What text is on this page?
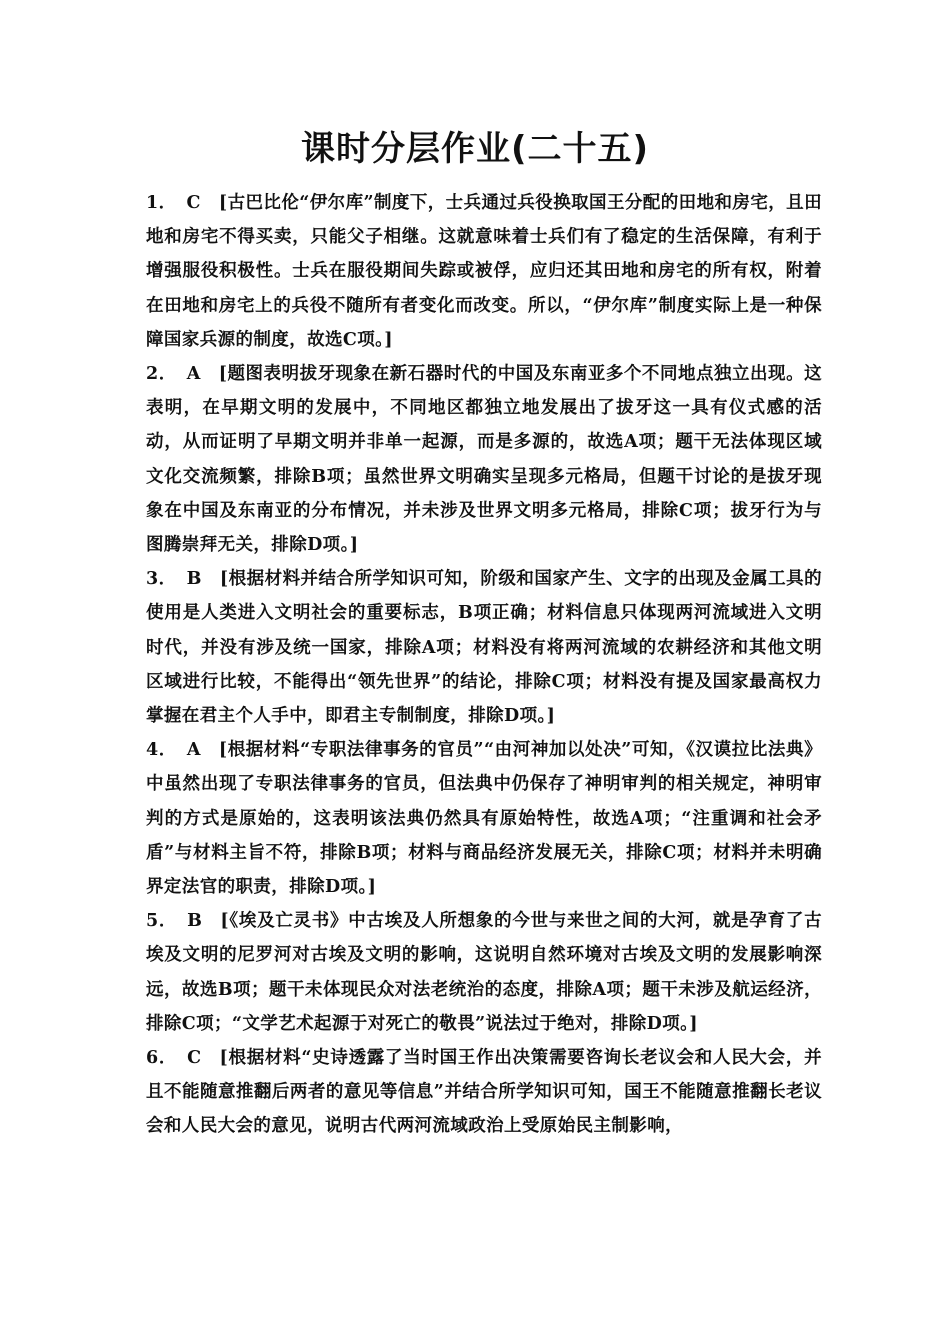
课时分层作业(二十五)

1． C [古巴比伦“伊尔库”制度下，士兵通过兵役换取国王分配的田地和房宅，且田地和房宅不得买卖，只能父子相继。这就意味着士兵们有了稳定的生活保障，有利于增强服役积极性。士兵在服役期间失踪或被俘，应归还其田地和房宅的所有权，附着在田地和房宅上的兵役不随所有者变化而改变。所以，“伊尔库”制度实际上是一种保障国家兵源的制度，故选C项。]

2． A [题图表明拔牙现象在新石器时代的中国及东南亚多个不同地点独立出现。这表明，在早期文明的发展中，不同地区都独立地发展出了拔牙这一具有仪式感的活动，从而证明了早期文明并非单一起源，而是多源的，故选A项；题干无法体现区域文化交流频繁，排除B项；虽然世界文明确实呈现多元格局，但题干讨论的是拔牙现象在中国及东南亚的分布情况，并未涉及世界文明多元格局，排除C项；拔牙行为与图腾崇拜无关，排除D项。]

3． B [根据材料并结合所学知识可知，阶级和国家产生、文字的出现及金属工具的使用是人类进入文明社会的重要标志，B项正确；材料信息只体现两河流域进入文明时代，并没有涉及统一国家，排除A项；材料没有将两河流域的农耕经济和其他文明区域进行比较，不能得出“领先世界”的结论，排除C项；材料没有提及国家最高权力掌握在君主个人手中，即君主专制制度，排除D项。]

4． A [根据材料“专职法律事务的官员”“由河神加以处决”可知，《汉谟拉比法典》中虽然出现了专职法律事务的官员，但法典中仍保存了神明审判的相关规定，神明审判的方式是原始的，这表明该法典仍然具有原始特性，故选A项；“注重调和社会矛盾”与材料主旨不符，排除B项；材料与商品经济发展无关，排除C项；材料并未明确界定法官的职责，排除D项。]

5． B [《埃及亡灵书》中古埃及人所想象的今世与来世之间的大河，就是孕育了古埃及文明的尼罗河对古埃及文明的影响，这说明自然环境对古埃及文明的发展影响深远，故选B项；题干未体现民众对法老统治的态度，排除A项；题干未涉及航运经济，排除C项；“文学艺术起源于对死亡的敬畏”说法过于绝对，排除D项。]

6． C [根据材料“史诗透露了当时国王作出决策需要咨询长老议会和人民大会，并且不能随意推翻后两者的意见等信息”并结合所学知识可知，国王不能随意推翻长老议会和人民大会的意见，说明古代两河流域政治上受原始民主制影响，
